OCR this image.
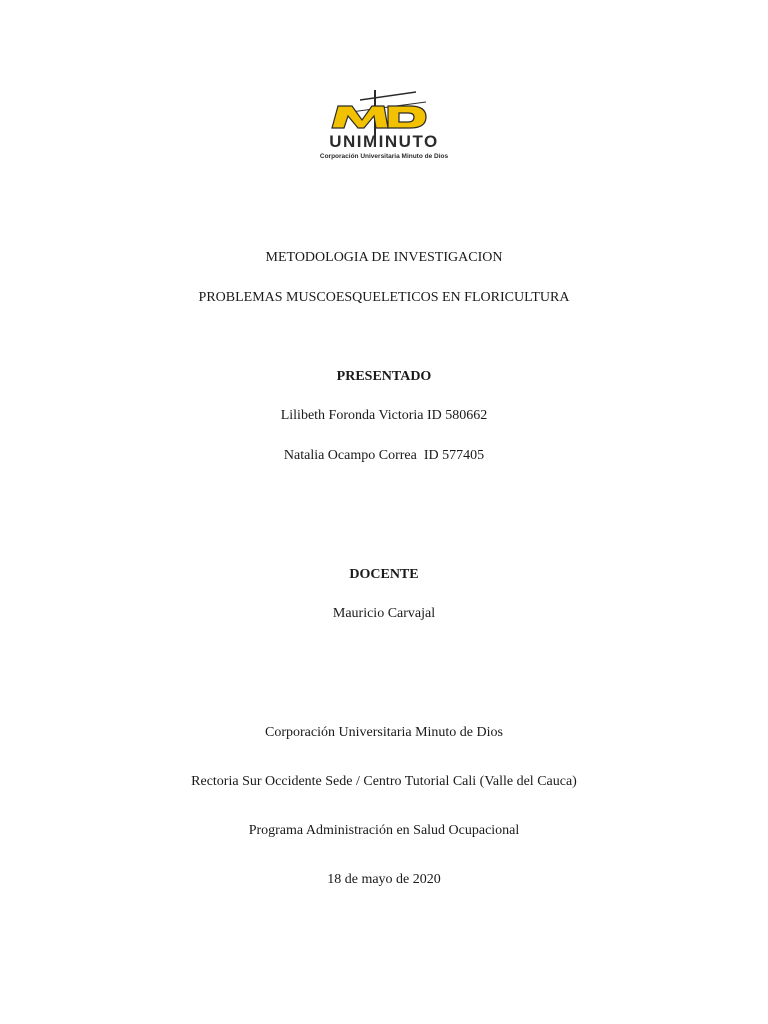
UNIMINUTO
Corporación Universitaria Minuto de Dios
METODOLOGIA DE INVESTIGACION
PROBLEMAS MUSCOESQUELETICOS EN FLORICULTURA
PRESENTADO
Lilibeth Foronda Victoria ID 580662
Natalia Ocampo Correa  ID 577405
DOCENTE
Mauricio Carvajal
Corporación Universitaria Minuto de Dios
Rectoria Sur Occidente Sede / Centro Tutorial Cali (Valle del Cauca)
Programa Administración en Salud Ocupacional
18 de mayo de 2020
